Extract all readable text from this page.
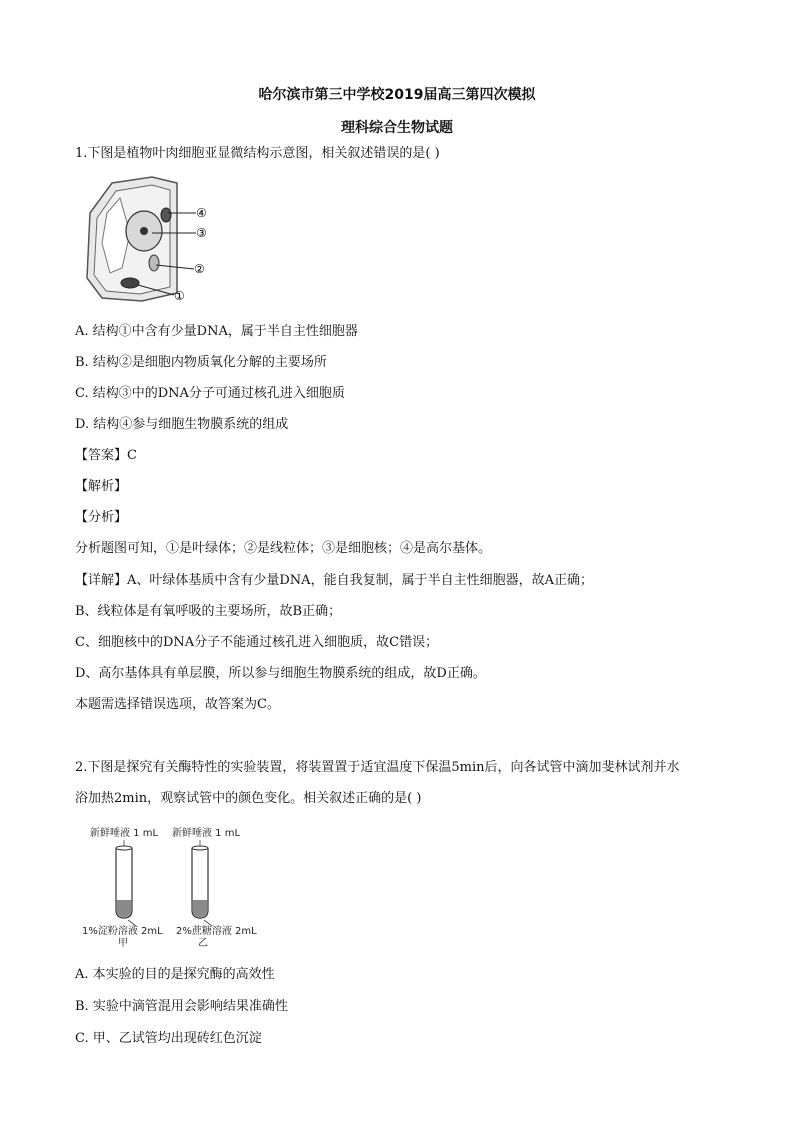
哈尔滨市第三中学校2019届高三第四次模拟
理科综合生物试题
1.下图是植物叶肉细胞亚显微结构示意图，相关叙述错误的是( )
④
③
②
①
A. 结构①中含有少量DNA，属于半自主性细胞器
B. 结构②是细胞内物质氧化分解的主要场所
C. 结构③中的DNA分子可通过核孔进入细胞质
D. 结构④参与细胞生物膜系统的组成
【答案】C
【解析】
【分析】
分析题图可知，①是叶绿体；②是线粒体；③是细胞核；④是高尔基体。
【详解】A、叶绿体基质中含有少量DNA，能自我复制，属于半自主性细胞器，故A正确；
B、线粒体是有氧呼吸的主要场所，故B正确；
C、细胞核中的DNA分子不能通过核孔进入细胞质，故C错误；
D、高尔基体具有单层膜，所以参与细胞生物膜系统的组成，故D正确。
本题需选择错误选项，故答案为C。
2.下图是探究有关酶特性的实验装置，将装置置于适宜温度下保温5min后，向各试管中滴加斐林试剂并水
浴加热2min，观察试管中的颜色变化。相关叙述正确的是( )
新鲜唾液 1 mL
1%淀粉溶液 2mL
甲
新鲜唾液 1 mL
2%蔗糖溶液 2mL
乙
A. 本实验的目的是探究酶的高效性
B. 实验中滴管混用会影响结果准确性
C. 甲、乙试管均出现砖红色沉淀
